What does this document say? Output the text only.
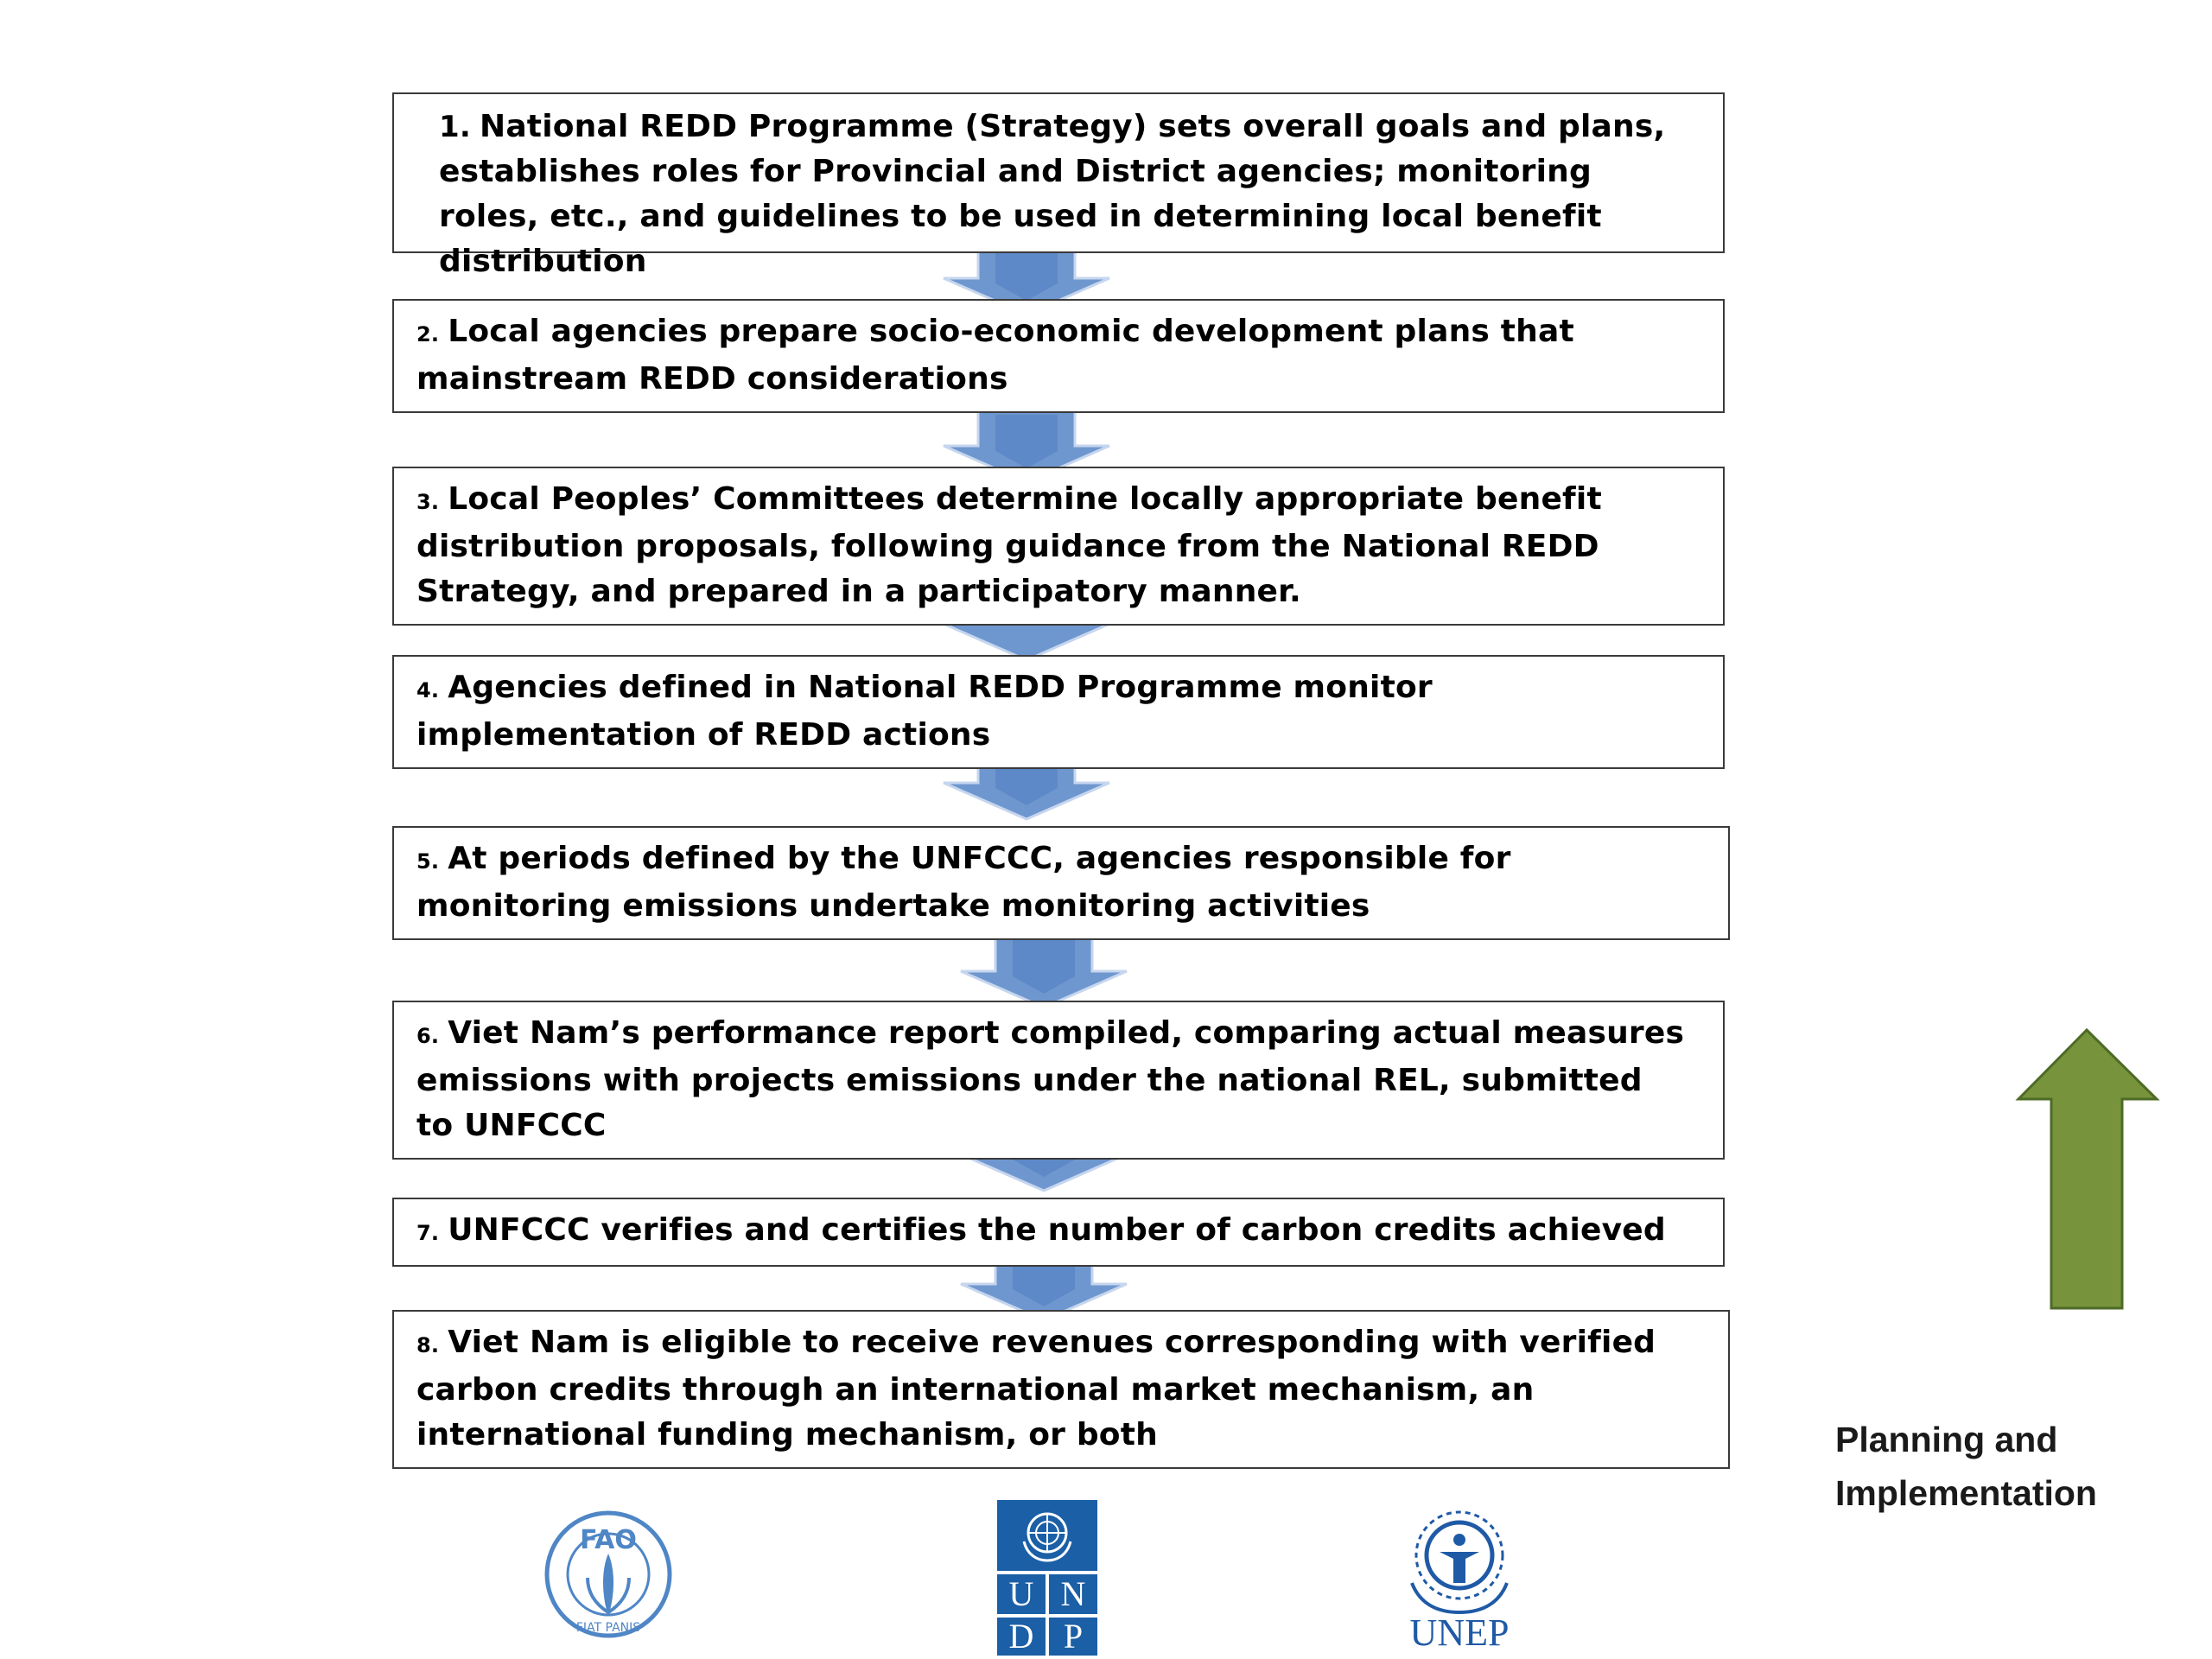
1. National REDD Programme (Strategy) sets overall goals and plans, establishes roles for Provincial and District agencies; monitoring roles, etc., and guidelines to be used in determining local benefit distribution
2. Local agencies prepare socio-economic development plans that mainstream REDD considerations
3. Local Peoples’ Committees determine locally appropriate benefit distribution proposals, following guidance from the National REDD Strategy, and prepared in a participatory manner.
4. Agencies defined in National REDD Programme monitor implementation of REDD actions
5. At periods defined by the UNFCCC, agencies responsible for monitoring emissions undertake monitoring activities
6. Viet Nam’s performance report compiled, comparing actual measures emissions with projects emissions under the national REL, submitted to UNFCCC
7. UNFCCC verifies and certifies the number of carbon credits achieved
8. Viet Nam is eligible to receive revenues corresponding with verified carbon credits through an international market mechanism, an international funding mechanism, or both	Planning and
Implementation
FAO
FIAT PANIS
U N
D P	UNEP
